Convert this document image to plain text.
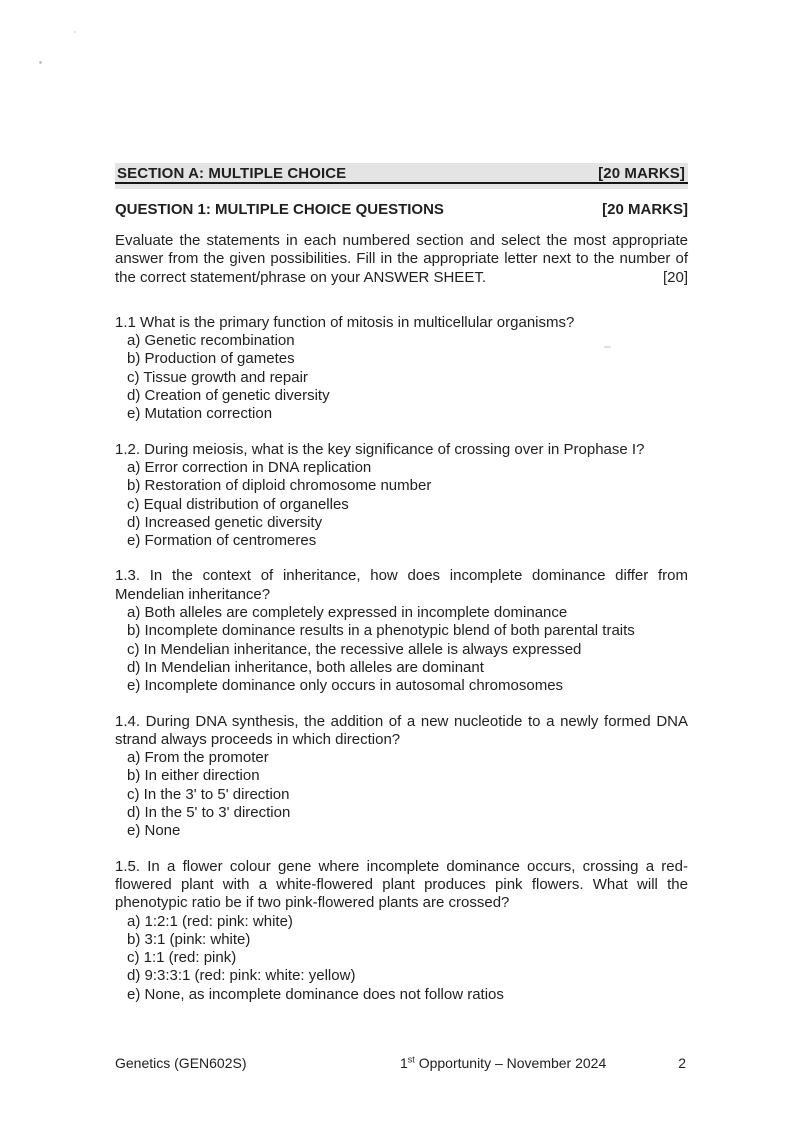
SECTION A: MULTIPLE CHOICE	[20 MARKS]
QUESTION 1: MULTIPLE CHOICE QUESTIONS	[20 MARKS]

Evaluate the statements in each numbered section and select the most appropriate answer from the given possibilities. Fill in the appropriate letter next to the number of the correct statement/phrase on your ANSWER SHEET.	[20]

1.1 What is the primary function of mitosis in multicellular organisms?
a) Genetic recombination
b) Production of gametes
c) Tissue growth and repair
d) Creation of genetic diversity
e) Mutation correction
1.2. During meiosis, what is the key significance of crossing over in Prophase I?
a) Error correction in DNA replication
b) Restoration of diploid chromosome number
c) Equal distribution of organelles
d) Increased genetic diversity
e) Formation of centromeres
1.3. In the context of inheritance, how does incomplete dominance differ from Mendelian inheritance?
a) Both alleles are completely expressed in incomplete dominance
b) Incomplete dominance results in a phenotypic blend of both parental traits
c) In Mendelian inheritance, the recessive allele is always expressed
d) In Mendelian inheritance, both alleles are dominant
e) Incomplete dominance only occurs in autosomal chromosomes
1.4. During DNA synthesis, the addition of a new nucleotide to a newly formed DNA strand always proceeds in which direction?
a) From the promoter
b) In either direction
c) In the 3' to 5' direction
d) In the 5' to 3' direction
e) None
1.5. In a flower colour gene where incomplete dominance occurs, crossing a red-flowered plant with a white-flowered plant produces pink flowers. What will the phenotypic ratio be if two pink-flowered plants are crossed?
a) 1:2:1 (red: pink: white)
b) 3:1 (pink: white)
c) 1:1 (red: pink)
d) 9:3:3:1 (red: pink: white: yellow)
e) None, as incomplete dominance does not follow ratios
Genetics (GEN602S)	1st Opportunity – November 2024	2
